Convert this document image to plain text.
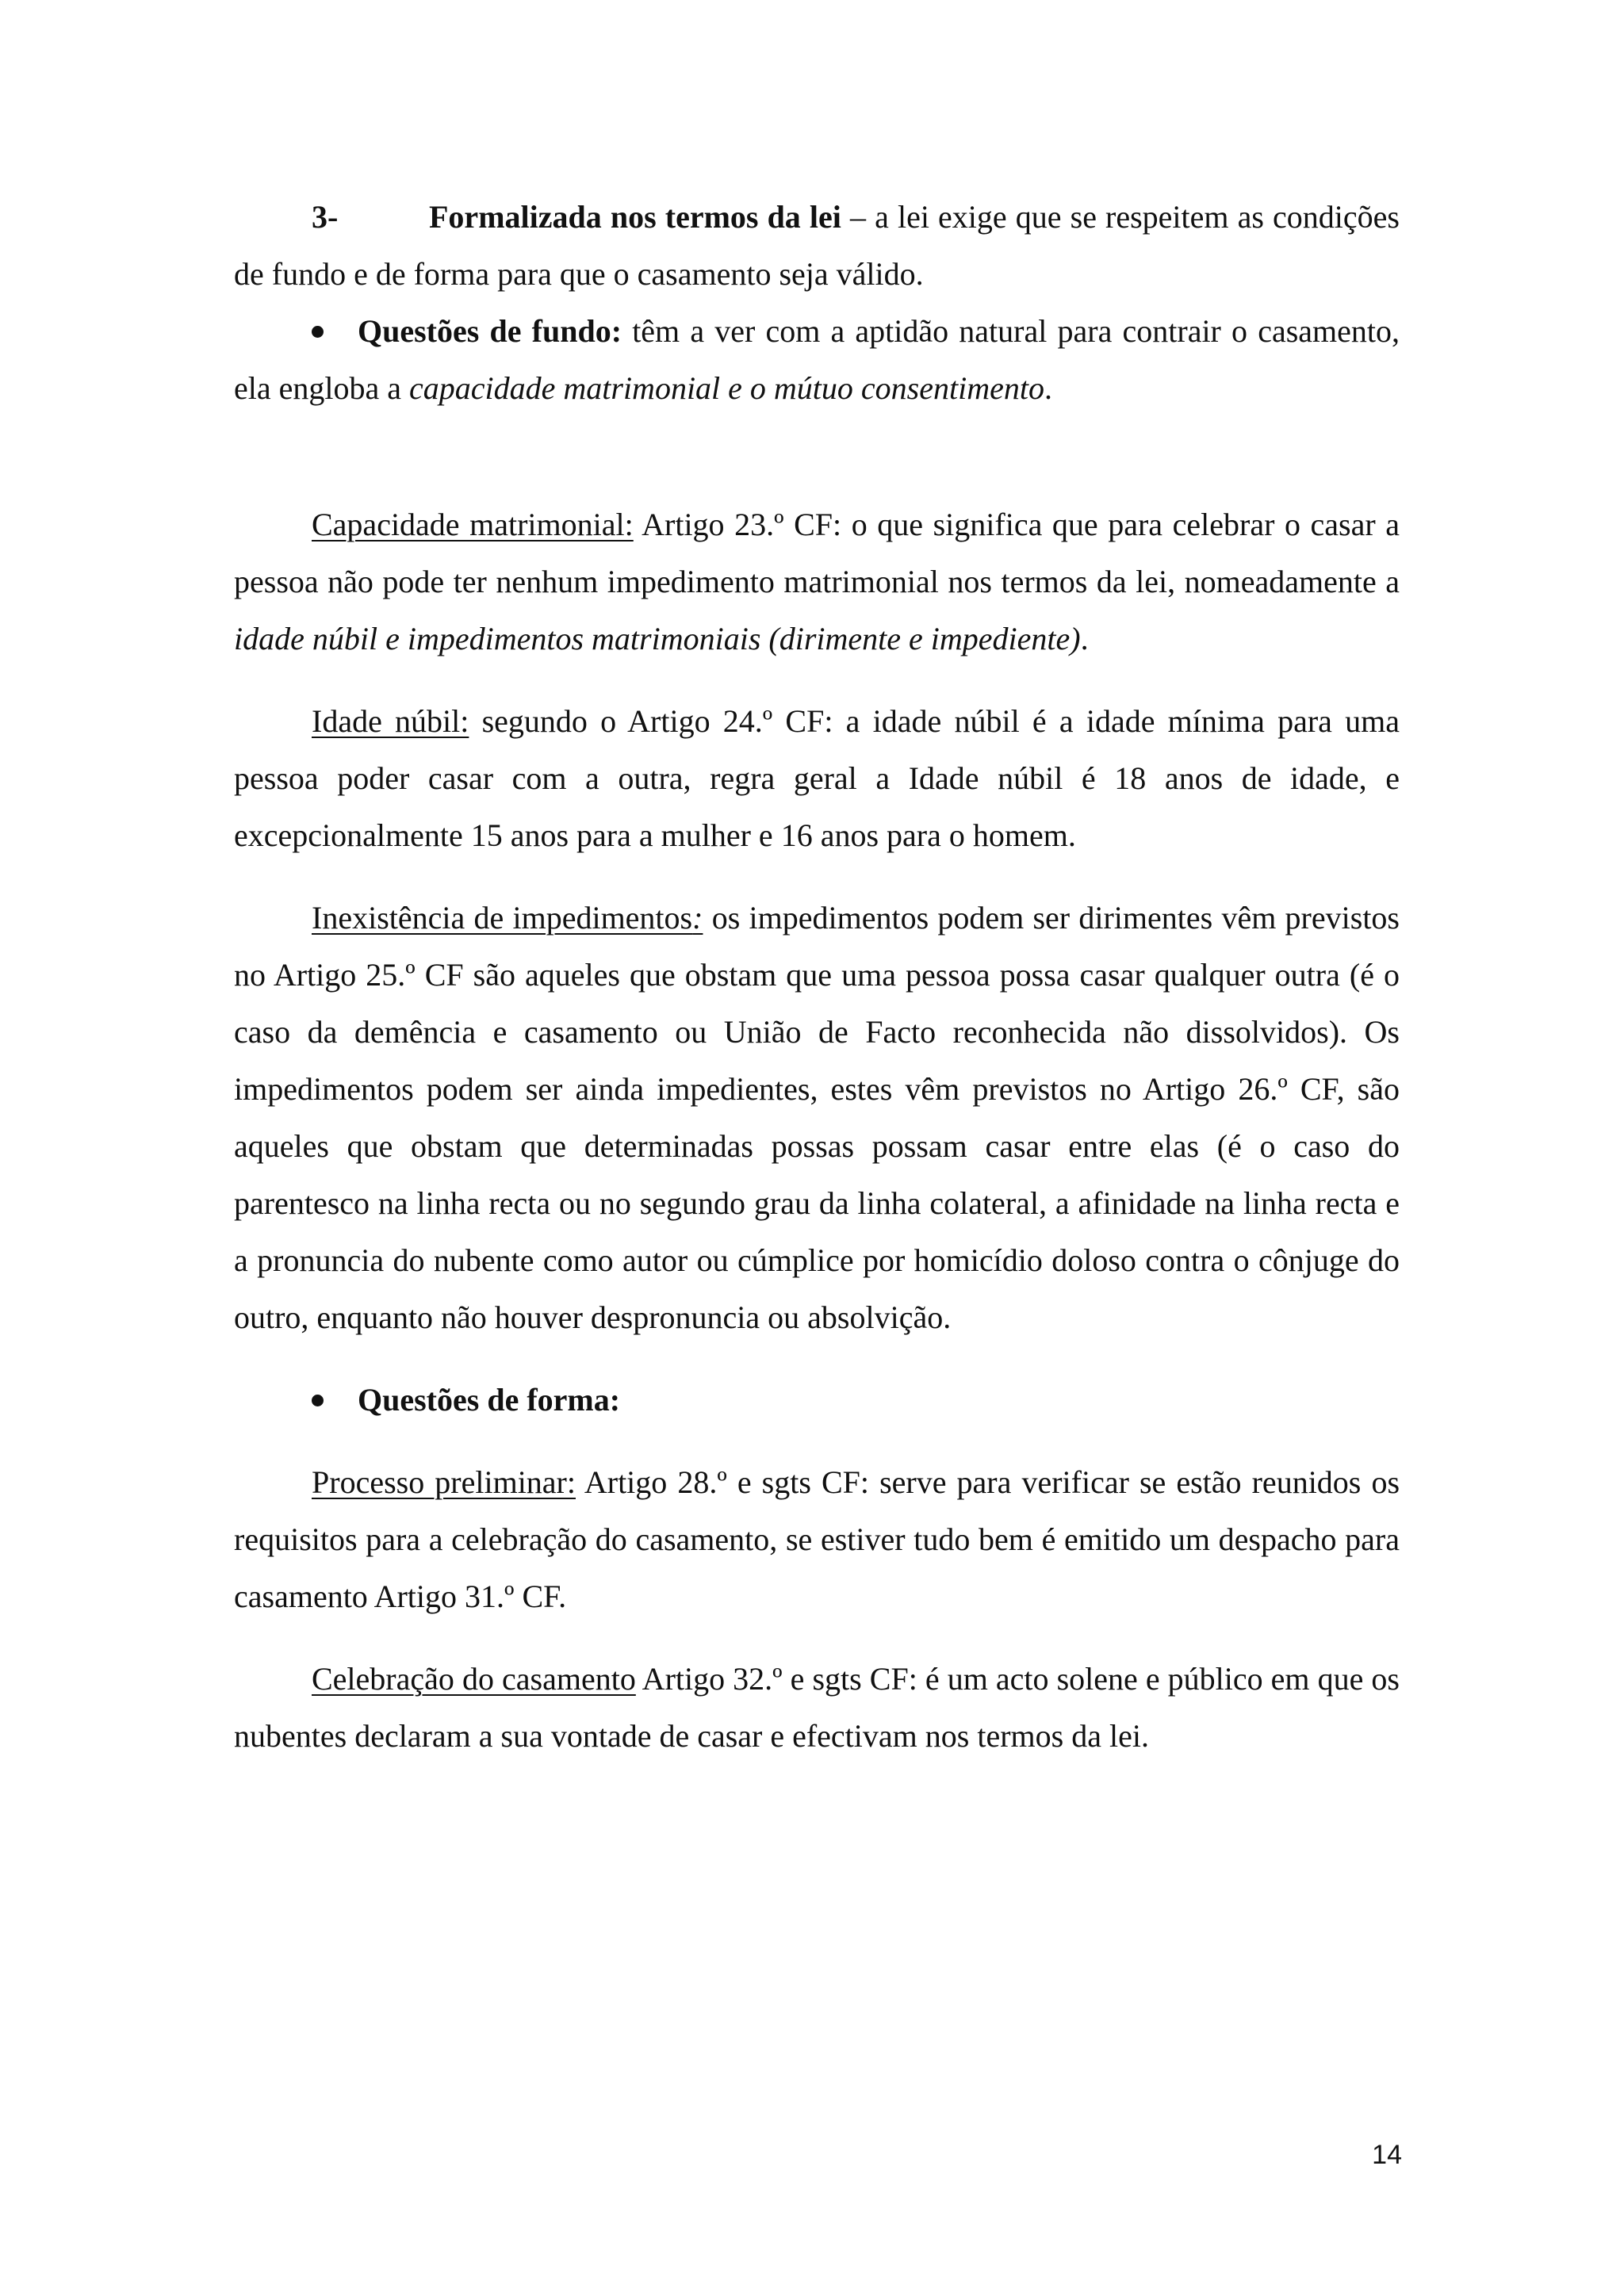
3-	Formalizada nos termos da lei – a lei exige que se respeitem as condições de fundo e de forma para que o casamento seja válido.

Questões de fundo: têm a ver com a aptidão natural para contrair o casamento, ela engloba a capacidade matrimonial e o mútuo consentimento.

Capacidade matrimonial: Artigo 23.º CF: o que significa que para celebrar o casar a pessoa não pode ter nenhum impedimento matrimonial nos termos da lei, nomeadamente a idade núbil e impedimentos matrimoniais (dirimente e impediente).

Idade núbil: segundo o Artigo 24.º CF: a idade núbil é a idade mínima para uma pessoa poder casar com a outra, regra geral a Idade núbil é 18 anos de idade, e excepcionalmente 15 anos para a mulher e 16 anos para o homem.

Inexistência de impedimentos: os impedimentos podem ser dirimentes vêm previstos no Artigo 25.º CF são aqueles que obstam que uma pessoa possa casar qualquer outra (é o caso da demência e casamento ou União de Facto reconhecida não dissolvidos). Os impedimentos podem ser ainda impedientes, estes vêm previstos no Artigo 26.º CF, são aqueles que obstam que determinadas possas possam casar entre elas (é o caso do parentesco na linha recta ou no segundo grau da linha colateral, a afinidade na linha recta e a pronuncia do nubente como autor ou cúmplice por homicídio doloso contra o cônjuge do outro, enquanto não houver despronuncia ou absolvição.

Questões de forma:

Processo preliminar: Artigo 28.º e sgts CF: serve para verificar se estão reunidos os requisitos para a celebração do casamento, se estiver tudo bem é emitido um despacho para casamento Artigo 31.º CF.

Celebração do casamento Artigo 32.º e sgts CF: é um acto solene e público em que os nubentes declaram a sua vontade de casar e efectivam nos termos da lei.

14
